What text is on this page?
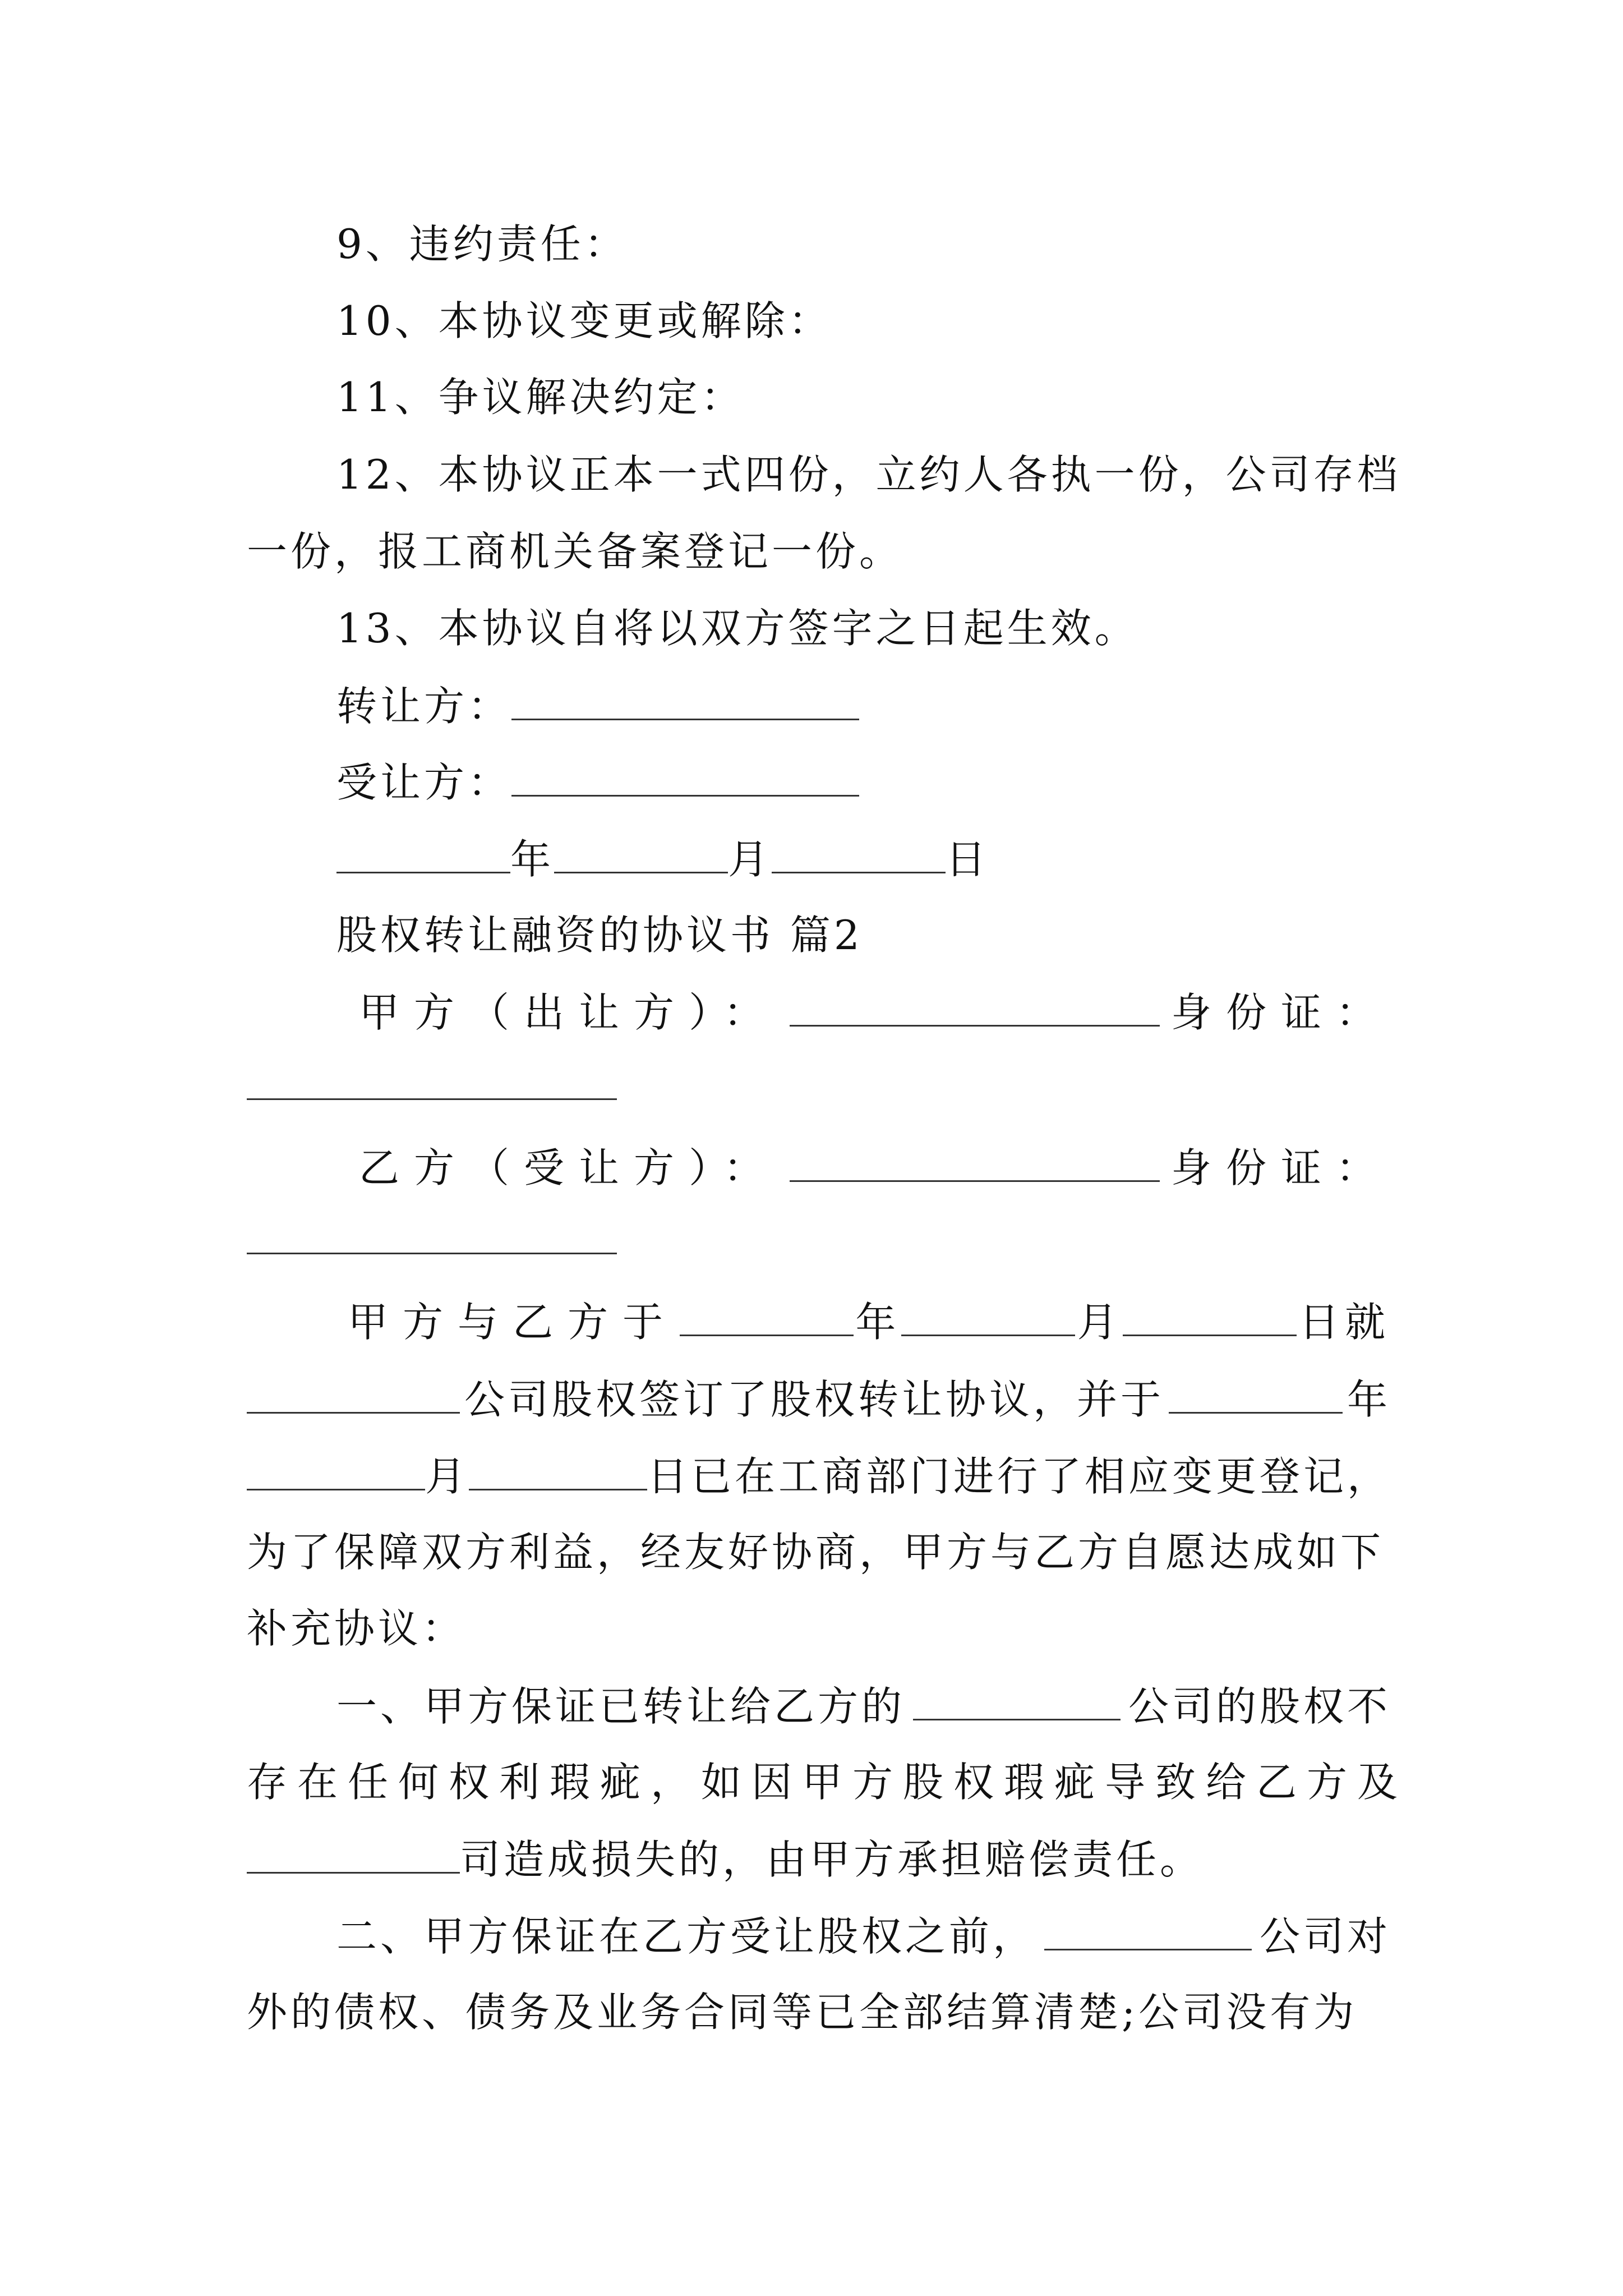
9、违约责任：
10、本协议变更或解除：
11、争议解决约定：
12、本协议正本一式四份，立约人各执一份，公司存档
一份，报工商机关备案登记一份。
13、本协议自将以双方签字之日起生效。
转让方：
受让方：
年	月	日
股权转让融资的协议书 篇2
甲方（出让方）：	身份证：
乙方（受让方）：	身份证：
甲方与乙方于	年	月	日就
公司股权签订了股权转让协议，并于	年
月	日已在工商部门进行了相应变更登记，
为了保障双方利益，经友好协商，甲方与乙方自愿达成如下
补充协议：
一、甲方保证已转让给乙方的	公司的股权不
存在任何权利瑕疵，如因甲方股权瑕疵导致给乙方及
司造成损失的，由甲方承担赔偿责任。
二、甲方保证在乙方受让股权之前，	公司对
外的债权、债务及业务合同等已全部结算清楚;公司没有为
